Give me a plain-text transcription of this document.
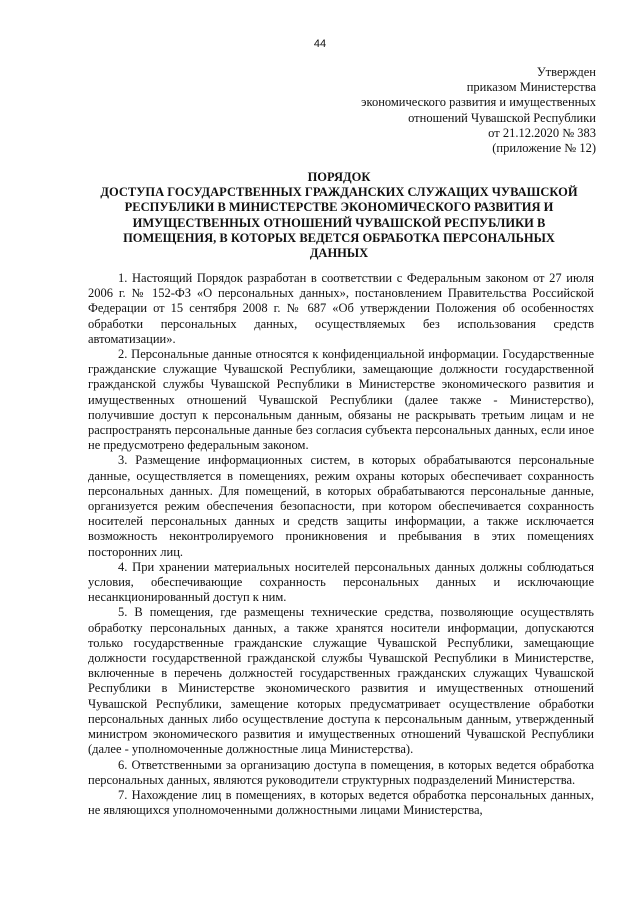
44
Утвержден
приказом Министерства
экономического развития и имущественных
отношений Чувашской Республики
от 21.12.2020 № 383
(приложение № 12)
ПОРЯДОК
ДОСТУПА ГОСУДАРСТВЕННЫХ ГРАЖДАНСКИХ СЛУЖАЩИХ ЧУВАШСКОЙ
РЕСПУБЛИКИ В МИНИСТЕРСТВЕ ЭКОНОМИЧЕСКОГО РАЗВИТИЯ И
ИМУЩЕСТВЕННЫХ ОТНОШЕНИЙ ЧУВАШСКОЙ РЕСПУБЛИКИ В
ПОМЕЩЕНИЯ, В КОТОРЫХ ВЕДЕТСЯ ОБРАБОТКА ПЕРСОНАЛЬНЫХ
ДАННЫХ

1. Настоящий Порядок разработан в соответствии с Федеральным законом от 27 июля 2006 г. № 152-ФЗ «О персональных данных», постановлением Правительства Российской Федерации от 15 сентября 2008 г. № 687 «Об утверждении Положения об особенностях обработки персональных данных, осуществляемых без использования средств автоматизации».

2. Персональные данные относятся к конфиденциальной информации. Государственные гражданские служащие Чувашской Республики, замещающие должности государственной гражданской службы Чувашской Республики в Министерстве экономического развития и имущественных отношений Чувашской Республики (далее также - Министерство), получившие доступ к персональным данным, обязаны не раскрывать третьим лицам и не распространять персональные данные без согласия субъекта персональных данных, если иное не предусмотрено федеральным законом.

3. Размещение информационных систем, в которых обрабатываются персональные данные, осуществляется в помещениях, режим охраны которых обеспечивает сохранность персональных данных. Для помещений, в которых обрабатываются персональные данные, организуется режим обеспечения безопасности, при котором обеспечивается сохранность носителей персональных данных и средств защиты информации, а также исключается возможность неконтролируемого проникновения и пребывания в этих помещениях посторонних лиц.

4. При хранении материальных носителей персональных данных должны соблюдаться условия, обеспечивающие сохранность персональных данных и исключающие несанкционированный доступ к ним.

5. В помещения, где размещены технические средства, позволяющие осуществлять обработку персональных данных, а также хранятся носители информации, допускаются только государственные гражданские служащие Чувашской Республики, замещающие должности государственной гражданской службы Чувашской Республики в Министерстве, включенные в перечень должностей государственных гражданских служащих Чувашской Республики в Министерстве экономического развития и имущественных отношений Чувашской Республики, замещение которых предусматривает осуществление обработки персональных данных либо осуществление доступа к персональным данным, утвержденный министром экономического развития и имущественных отношений Чувашской Республики (далее - уполномоченные должностные лица Министерства).

6. Ответственными за организацию доступа в помещения, в которых ведется обработка персональных данных, являются руководители структурных подразделений Министерства.

7. Нахождение лиц в помещениях, в которых ведется обработка персональных данных, не являющихся уполномоченными должностными лицами Министерства,
